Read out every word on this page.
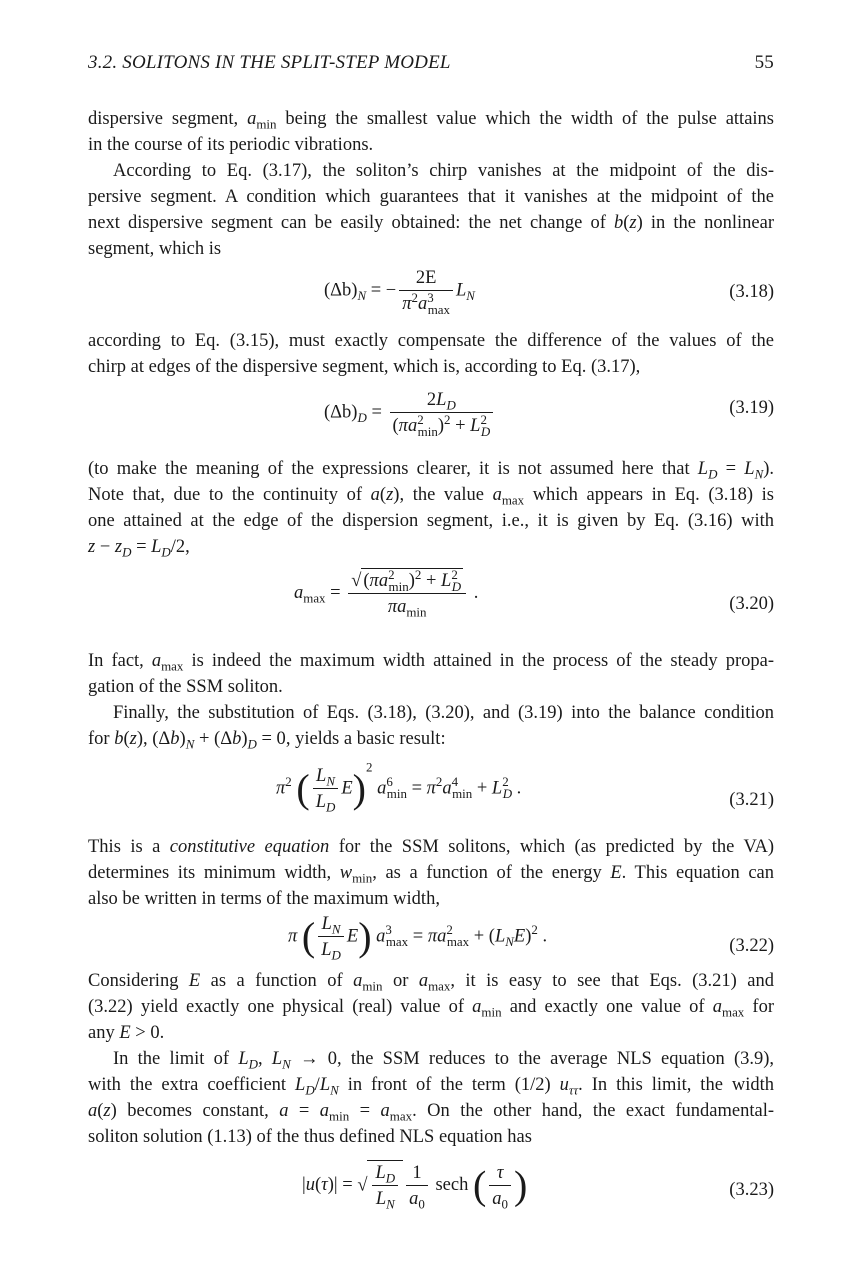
3.2. SOLITONS IN THE SPLIT-STEP MODEL	55
dispersive segment, $a_{min}$ being the smallest value which the width of the pulse attains
in the course of its periodic vibrations.
According to Eq. (3.17), the soliton’s chirp vanishes at the midpoint of the dis-
persive segment. A condition which guarantees that it vanishes at the midpoint of the
next dispersive segment can be easily obtained: the net change of b(z) in the nonlinear
segment, which is
$(\Delta b)_N$ = − $\frac{2E}{\pi^2a^3_{max}} L_N$	(3.18)
according to Eq. (3.15), must exactly compensate the difference of the values of the
chirp at edges of the dispersive segment, which is, according to Eq. (3.17),
$(\Delta b)_D = \frac{2L_D}{(\pi a^2_{min})^2 + L^2_D}$	(3.19)
(to make the meaning of the expressions clearer, it is not assumed here that $L_D = L_N$).
Note that, due to the continuity of a(z), the value $a_{max}$ which appears in Eq. (3.18) is
one attained at the edge of the dispersion segment, i.e., it is given by Eq. (3.16) with
$z - z_D = L_D/2$,
$a_{max} = \frac{√ (\pi a^2_{min})^2 + L^2_D}{\pi a_{min}}$ .
(3.20)
In fact, $a_{max}$ is indeed the maximum width attained in the process of the steady propa-
gation of the SSM soliton.
Finally, the substitution of Eqs. (3.18), (3.20), and (3.19) into the balance condition
for b(z), $(\Delta b)_N + (\Delta b)_D = 0$, yields a basic result:
$\pi^2$ ( $\frac{L_N}{L_D} E)^2$ $a^6_{min} = \pi^2a^4_{min} + L^2_D$ .
(3.21)
This is a constitutive equation for the SSM solitons, which (as predicted by the VA)
determines its minimum width, $w_{min}$, as a function of the energy E. This equation can
also be written in terms of the maximum width,
π ( $\frac{L_N}{L_D} E$) $a^3_{max} = \pi a^2_{max} + (L_NE)^2$ .	(3.22)
Considering E as a function of $a_{min}$ or $a_{max}$, it is easy to see that Eqs. (3.21) and
(3.22) yield exactly one physical (real) value of $a_{min}$ and exactly one value of $a_{max}$ for
any E > 0.
In the limit of $L_D$, $L_N \to 0$, the SSM reduces to the average NLS equation (3.9),
with the extra coefficient $L_D/L_N$ in front of the term (1/2) $u_{\tau\tau}$. In this limit, the width
a(z) becomes constant, $a = a_{min} = a_{max}$. On the other hand, the exact fundamental-
soliton solution (1.13) of the thus defined NLS equation has
|u(τ)| = √ $\frac{L_D}{L_N} \frac{1}{a_0}$ sech ( $\frac{\tau}{a_0}$ )	(3.23)
